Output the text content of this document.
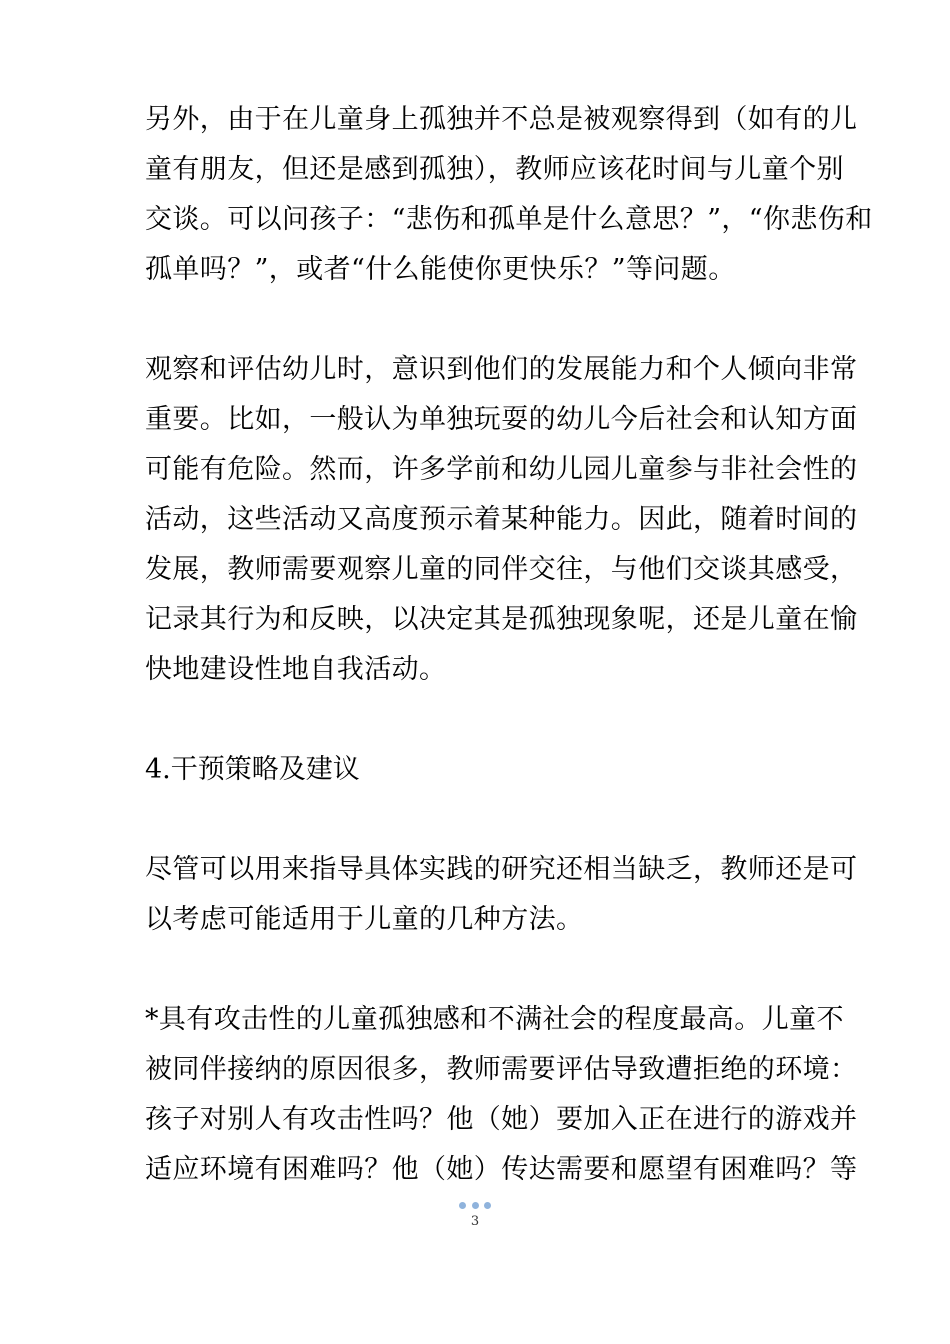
另外，由于在儿童身上孤独并不总是被观察得到（如有的儿
童有朋友，但还是感到孤独），教师应该花时间与儿童个别
交谈。可以问孩子：“悲伤和孤单是什么意思？”，“你悲伤和
孤单吗？”，或者“什么能使你更快乐？”等问题。

观察和评估幼儿时，意识到他们的发展能力和个人倾向非常
重要。比如，一般认为单独玩耍的幼儿今后社会和认知方面
可能有危险。然而，许多学前和幼儿园儿童参与非社会性的
活动，这些活动又高度预示着某种能力。因此，随着时间的
发展，教师需要观察儿童的同伴交往，与他们交谈其感受，
记录其行为和反映，以决定其是孤独现象呢，还是儿童在愉
快地建设性地自我活动。

4.干预策略及建议

尽管可以用来指导具体实践的研究还相当缺乏，教师还是可
以考虑可能适用于儿童的几种方法。

*具有攻击性的儿童孤独感和不满社会的程度最高。儿童不
被同伴接纳的原因很多，教师需要评估导致遭拒绝的环境：
孩子对别人有攻击性吗？他（她）要加入正在进行的游戏并
适应环境有困难吗？他（她）传达需要和愿望有困难吗？等

3
